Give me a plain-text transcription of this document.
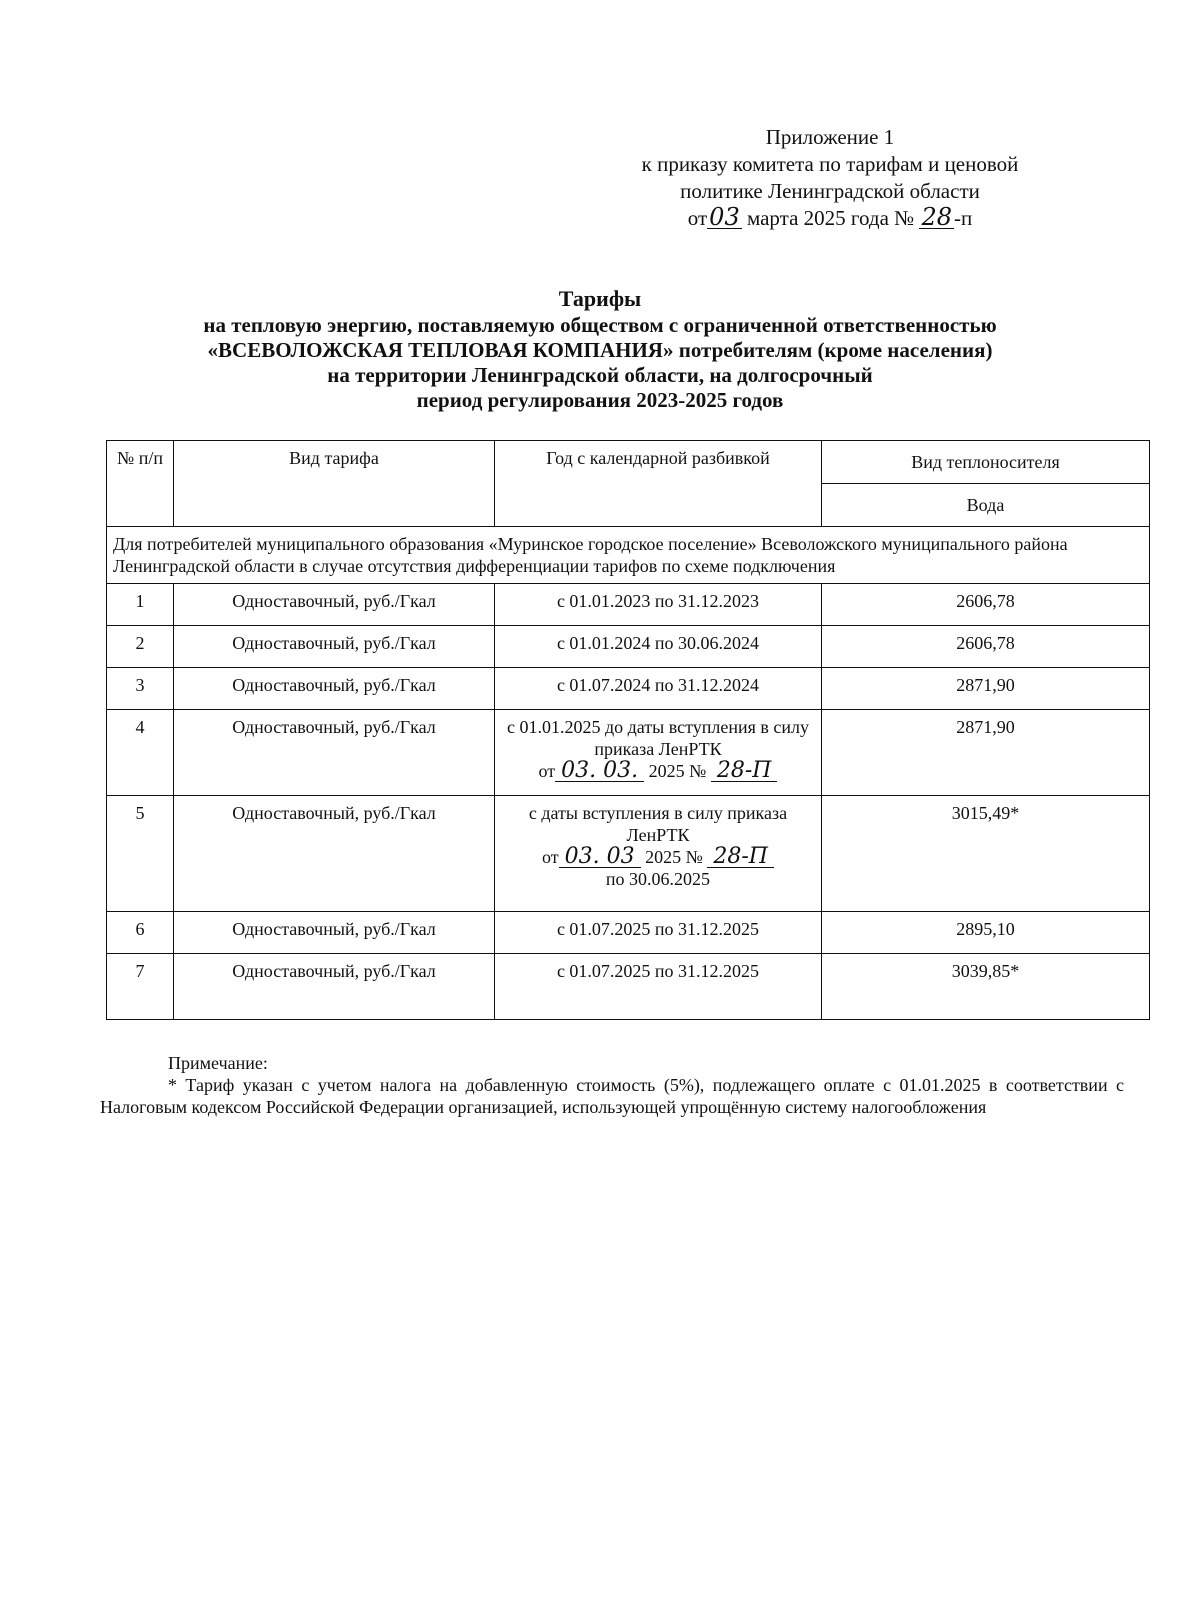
Приложение 1
к приказу комитета по тарифам и ценовой
политике Ленинградской области
от03 марта 2025 года № 28-п
Тарифы
на тепловую энергию, поставляемую обществом с ограниченной ответственностью
«ВСЕВОЛОЖСКАЯ ТЕПЛОВАЯ КОМПАНИЯ» потребителям (кроме населения)
на территории Ленинградской области, на долгосрочный
период регулирования 2023-2025 годов
№ п/п	Вид тарифа	Год с календарной разбивкой	Вид теплоносителя
			Вода
Для потребителей муниципального образования «Муринское городское поселение» Всеволожского муниципального района Ленинградской области в случае отсутствия дифференциации тарифов по схеме подключения			
1	Одноставочный, руб./Гкал	с 01.01.2023 по 31.12.2023	2606,78
2	Одноставочный, руб./Гкал	с 01.01.2024 по 30.06.2024	2606,78
3	Одноставочный, руб./Гкал	с 01.07.2024 по 31.12.2024	2871,90
4	Одноставочный, руб./Гкал	с 01.01.2025 до даты вступления в силу приказа ЛенРТК
от 03. 03. 2025 № 28-П	2871,90
5	Одноставочный, руб./Гкал	с даты вступления в силу приказа ЛенРТК
от 03. 03 2025 № 28-П
по 30.06.2025	3015,49*
6	Одноставочный, руб./Гкал	с 01.07.2025 по 31.12.2025	2895,10
7	Одноставочный, руб./Гкал	с 01.07.2025 по 31.12.2025	3039,85*
Примечание:
* Тариф указан с учетом налога на добавленную стоимость (5%), подлежащего оплате с 01.01.2025 в соответствии с Налоговым кодексом Российской Федерации организацией, использующей упрощённую систему налогообложения
